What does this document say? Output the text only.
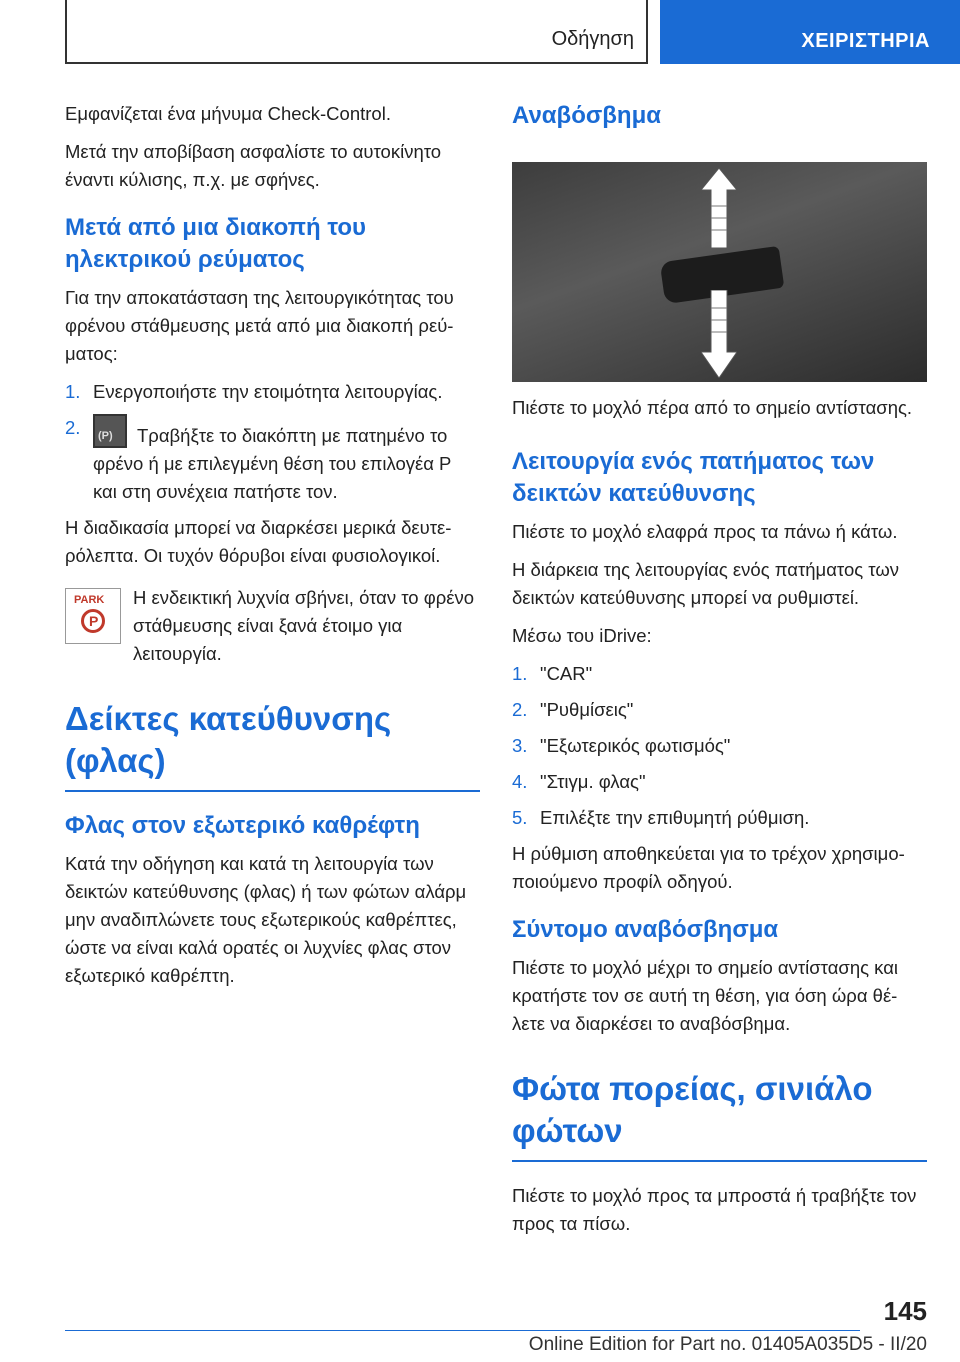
Οδήγηση	ΧΕΙΡΙΣΤΗΡΙΑ

Εμφανίζεται ένα μήνυμα Check-Control.

Μετά την αποβίβαση ασφαλίστε το αυτοκίνητο έναντι κύλισης, π.χ. με σφήνες.

Μετά από μια διακοπή του ηλεκτρικού ρεύματος

Για την αποκατάσταση της λειτουργικότητας του φρένου στάθμευσης μετά από μια διακοπή ρεύ-ματος:

1. Ενεργοποιήστε την ετοιμότητα λειτουργίας.
2.
(P)	Τραβήξτε το διακόπτη με πατημένο το φρένο ή με επιλεγμένη θέση του επιλογέα P και στη συνέχεια πατήστε τον.

Η διαδικασία μπορεί να διαρκέσει μερικά δευτε-ρόλεπτα. Οι τυχόν θόρυβοι είναι φυσιολογικοί.

PARK
P Η ενδεικτική λυχνία σβήνει, όταν το φρένο στάθμευσης είναι ξανά έτοιμο για λειτουργία.

Δείκτες κατεύθυνσης (φλας)
Φλας στον εξωτερικό καθρέφτη

Κατά την οδήγηση και κατά τη λειτουργία των δεικτών κατεύθυνσης (φλας) ή των φώτων αλάρμ μην αναδιπλώνετε τους εξωτερικούς καθρέπτες, ώστε να είναι καλά ορατές οι λυχνίες φλας στον εξωτερικό καθρέπτη.

Αναβόσβημα

Πιέστε το μοχλό πέρα από το σημείο αντίστασης.

Λειτουργία ενός πατήματος των δεικτών κατεύθυνσης

Πιέστε το μοχλό ελαφρά προς τα πάνω ή κάτω.

Η διάρκεια της λειτουργίας ενός πατήματος των δεικτών κατεύθυνσης μπορεί να ρυθμιστεί.

Μέσω του iDrive:

1. "CAR"
2. "Ρυθμίσεις"
3. "Εξωτερικός φωτισμός"
4. "Στιγμ. φλας"
5. Επιλέξτε την επιθυμητή ρύθμιση.

Η ρύθμιση αποθηκεύεται για το τρέχον χρησιμο-ποιούμενο προφίλ οδηγού.

Σύντομο αναβόσβησμα

Πιέστε το μοχλό μέχρι το σημείο αντίστασης και κρατήστε τον σε αυτή τη θέση, για όση ώρα θέ-λετε να διαρκέσει το αναβόσβημα.

Φώτα πορείας, σινιάλο φώτων

Πιέστε το μοχλό προς τα μπροστά ή τραβήξτε τον προς τα πίσω.

145
Online Edition for Part no. 01405A035D5 - II/20
